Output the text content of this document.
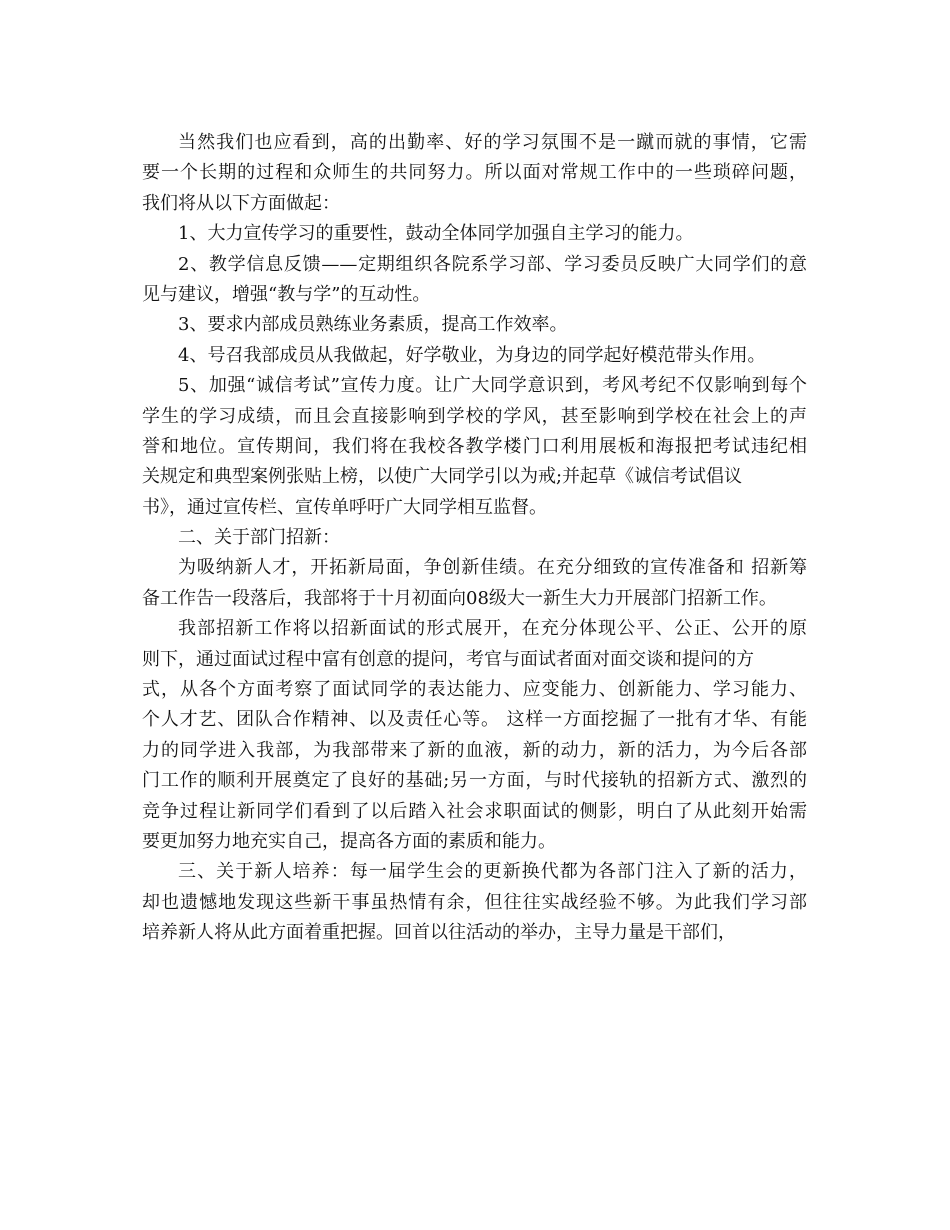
当然我们也应看到，高的出勤率、好的学习氛围不是一蹴而就的事情，它需
要一个长期的过程和众师生的共同努力。所以面对常规工作中的一些琐碎问题，
我们将从以下方面做起：
1、大力宣传学习的重要性，鼓动全体同学加强自主学习的能力。
2、教学信息反馈——定期组织各院系学习部、学习委员反映广大同学们的意
见与建议，增强“教与学”的互动性。
3、要求内部成员熟练业务素质，提高工作效率。
4、号召我部成员从我做起，好学敬业，为身边的同学起好模范带头作用。
5、加强“诚信考试”宣传力度。让广大同学意识到，考风考纪不仅影响到每个
学生的学习成绩，而且会直接影响到学校的学风，甚至影响到学校在社会上的声
誉和地位。宣传期间，我们将在我校各教学楼门口利用展板和海报把考试违纪相
关规定和典型案例张贴上榜，以使广大同学引以为戒;并起草《诚信考试倡议
书》，通过宣传栏、宣传单呼吁广大同学相互监督。
二、关于部门招新：
为吸纳新人才，开拓新局面，争创新佳绩。在充分细致的宣传准备和 招新筹
备工作告一段落后，我部将于十月初面向08级大一新生大力开展部门招新工作。
我部招新工作将以招新面试的形式展开，在充分体现公平、公正、公开的原
则下，通过面试过程中富有创意的提问，考官与面试者面对面交谈和提问的方
式，从各个方面考察了面试同学的表达能力、应变能力、创新能力、学习能力、
个人才艺、团队合作精神、以及责任心等。 这样一方面挖掘了一批有才华、有能
力的同学进入我部，为我部带来了新的血液，新的动力，新的活力，为今后各部
门工作的顺利开展奠定了良好的基础;另一方面，与时代接轨的招新方式、激烈的
竞争过程让新同学们看到了以后踏入社会求职面试的侧影，明白了从此刻开始需
要更加努力地充实自己，提高各方面的素质和能力。
三、关于新人培养：每一届学生会的更新换代都为各部门注入了新的活力，
却也遗憾地发现这些新干事虽热情有余，但往往实战经验不够。为此我们学习部
培养新人将从此方面着重把握。回首以往活动的举办，主导力量是干部们，
